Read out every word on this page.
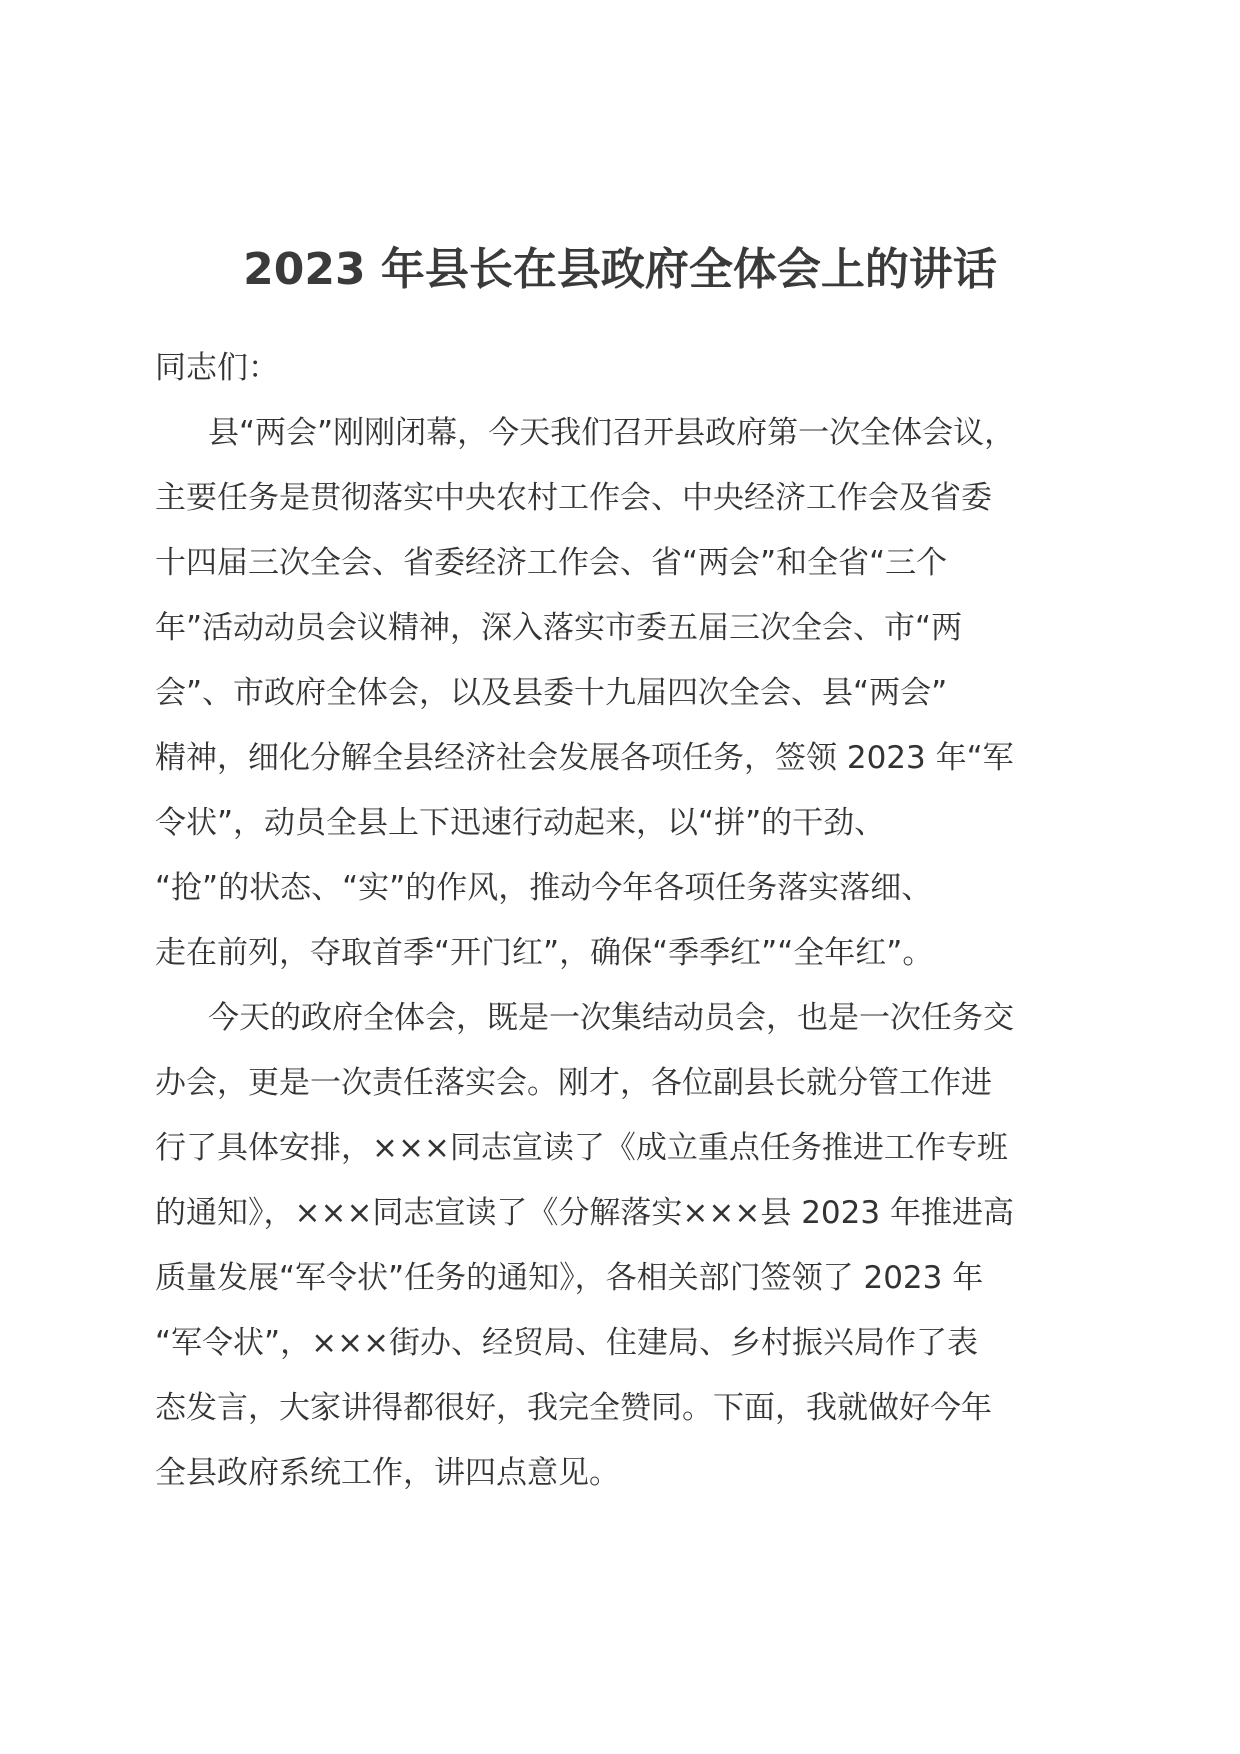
2023 年县长在县政府全体会上的讲话
同志们：
县“两会”刚刚闭幕，今天我们召开县政府第一次全体会议，
主要任务是贯彻落实中央农村工作会、中央经济工作会及省委
十四届三次全会、省委经济工作会、省“两会”和全省“三个
年”活动动员会议精神，深入落实市委五届三次全会、市“两
会”、市政府全体会，以及县委十九届四次全会、县“两会”
精神，细化分解全县经济社会发展各项任务，签领 2023 年“军
令状”，动员全县上下迅速行动起来，以“拼”的干劲、
“抢”的状态、“实”的作风，推动今年各项任务落实落细、
走在前列，夺取首季“开门红”，确保“季季红”“全年红”。
今天的政府全体会，既是一次集结动员会，也是一次任务交
办会，更是一次责任落实会。刚才，各位副县长就分管工作进
行了具体安排，×××同志宣读了《成立重点任务推进工作专班
的通知》，×××同志宣读了《分解落实×××县 2023 年推进高
质量发展“军令状”任务的通知》，各相关部门签领了 2023 年
“军令状”，×××街办、经贸局、住建局、乡村振兴局作了表
态发言，大家讲得都很好，我完全赞同。下面，我就做好今年
全县政府系统工作，讲四点意见。
